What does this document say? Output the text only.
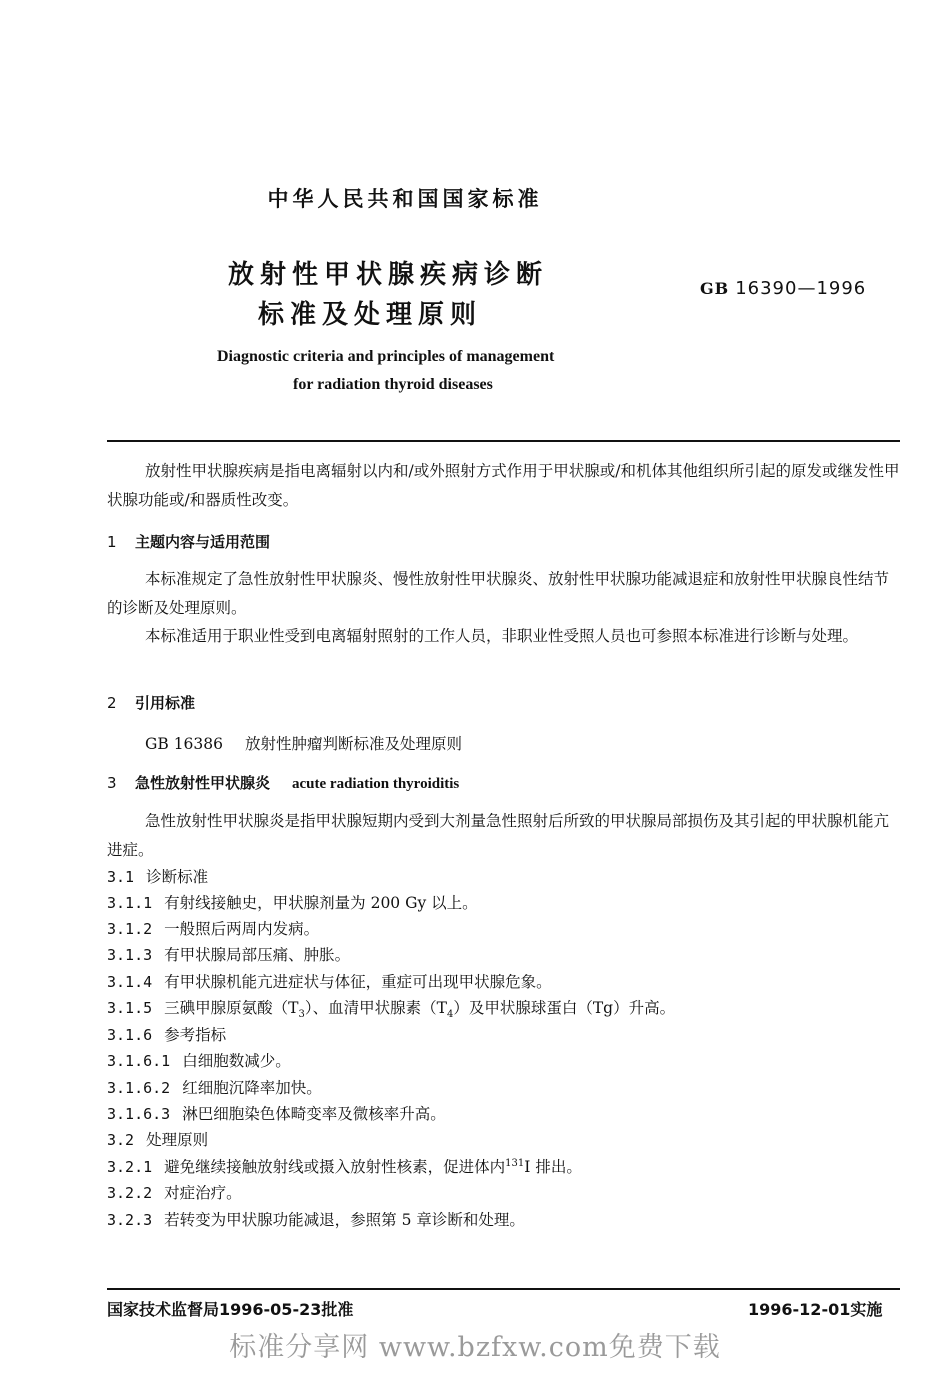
中华人民共和国国家标准
放射性甲状腺疾病诊断
标准及处理原则
GB 16390—1996
Diagnostic criteria and principles of management
for radiation thyroid diseases
放射性甲状腺疾病是指电离辐射以内和/或外照射方式作用于甲状腺或/和机体其他组织所引起的原发或继发性甲状腺功能或/和器质性改变。
1 主题内容与适用范围
本标准规定了急性放射性甲状腺炎、慢性放射性甲状腺炎、放射性甲状腺功能减退症和放射性甲状腺良性结节的诊断及处理原则。
本标准适用于职业性受到电离辐射照射的工作人员，非职业性受照人员也可参照本标准进行诊断与处理。
2 引用标准
GB 16386 放射性肿瘤判断标准及处理原则
3 急性放射性甲状腺炎 acute radiation thyroiditis
急性放射性甲状腺炎是指甲状腺短期内受到大剂量急性照射后所致的甲状腺局部损伤及其引起的甲状腺机能亢进症。
3.1 诊断标准
3.1.1 有射线接触史，甲状腺剂量为 200 Gy 以上。
3.1.2 一般照后两周内发病。
3.1.3 有甲状腺局部压痛、肿胀。
3.1.4 有甲状腺机能亢进症状与体征，重症可出现甲状腺危象。
3.1.5 三碘甲腺原氨酸$(T_3)$、血清甲状腺素$(T_4)$及甲状腺球蛋白（Tg）升高。
3.1.6 参考指标
3.1.6.1 白细胞数减少。
3.1.6.2 红细胞沉降率加快。
3.1.6.3 淋巴细胞染色体畸变率及微核率升高。
3.2 处理原则
3.2.1 避免继续接触放射线或摄入放射性核素，促进体内$^{131}$I 排出。
3.2.2 对症治疗。
3.2.3 若转变为甲状腺功能减退，参照第 5 章诊断和处理。
国家技术监督局1996-05-23批准	1996-12-01实施
标准分享网 www.bzfxw.com免费下载
